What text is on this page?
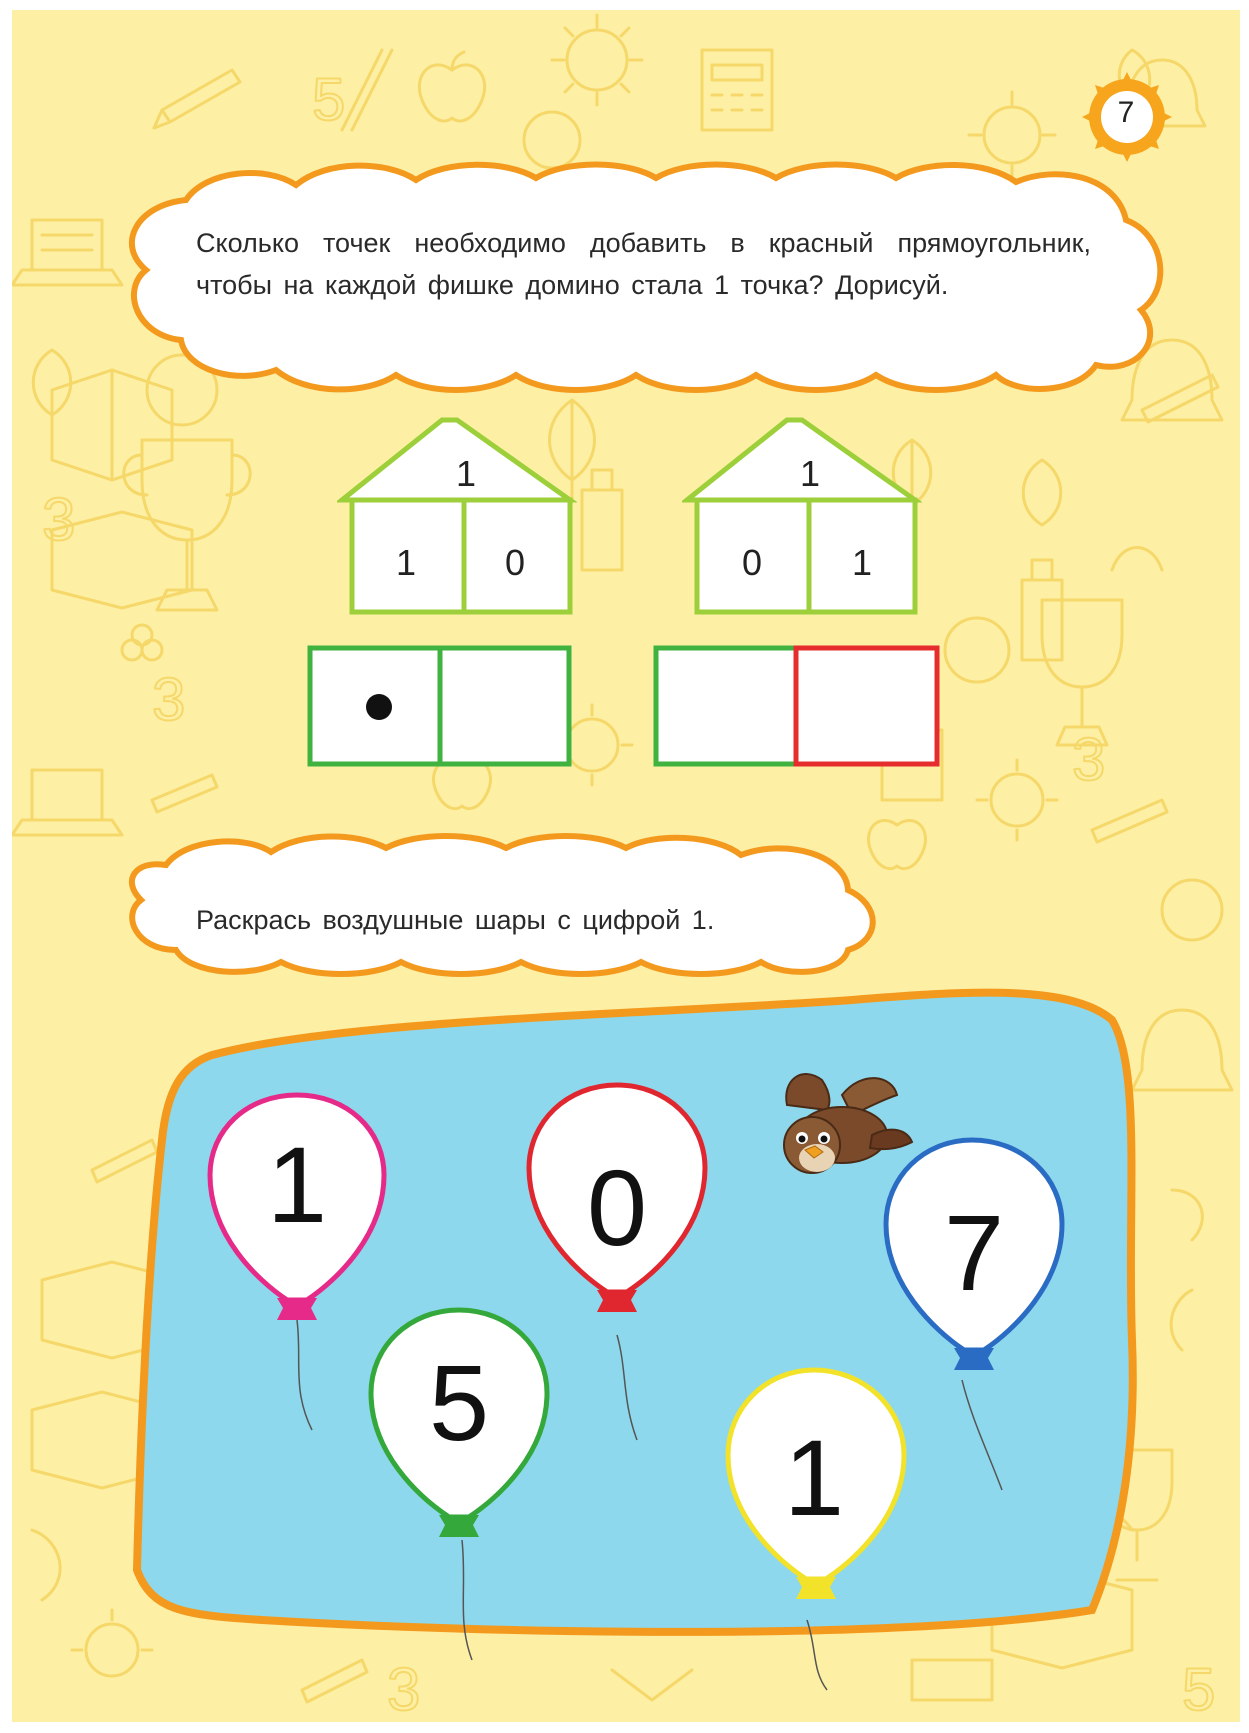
5
3
3
3
5
3
7
Сколько точек необходимо добавить в красный прямоугольник, чтобы на каждой фишке домино стала 1 точка? Дорисуй.
1
1	0
1
0	1
Раскрась воздушные шары с цифрой 1.
1	0	7
5
1
